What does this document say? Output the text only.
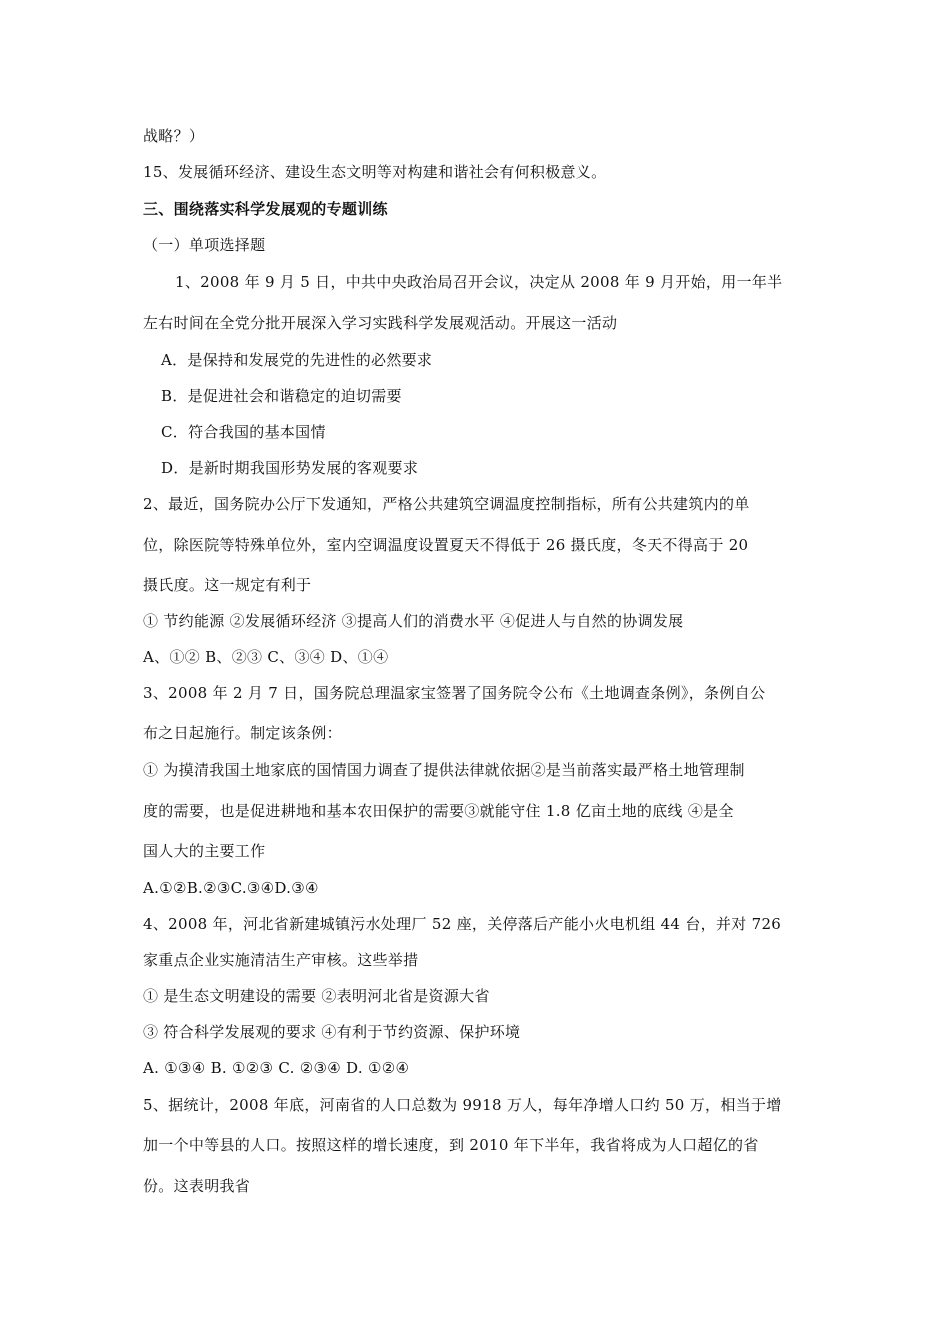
战略？）
15、发展循环经济、建设生态文明等对构建和谐社会有何积极意义。
三、围绕落实科学发展观的专题训练
（一）单项选择题
1、2008 年 9 月 5 日，中共中央政治局召开会议，决定从 2008 年 9 月开始，用一年半
左右时间在全党分批开展深入学习实践科学发展观活动。开展这一活动
A．是保持和发展党的先进性的必然要求
B．是促进社会和谐稳定的迫切需要
C．符合我国的基本国情
D．是新时期我国形势发展的客观要求
2、最近，国务院办公厅下发通知，严格公共建筑空调温度控制指标，所有公共建筑内的单
位，除医院等特殊单位外，室内空调温度设置夏天不得低于 26 摄氏度，冬天不得高于 20
摄氏度。这一规定有利于
① 节约能源 ②发展循环经济 ③提高人们的消费水平 ④促进人与自然的协调发展
A、①② B、②③ C、③④ D、①④
3、2008 年 2 月 7 日，国务院总理温家宝签署了国务院令公布《土地调查条例》，条例自公
布之日起施行。制定该条例：
① 为摸清我国土地家底的国情国力调查了提供法律就依据②是当前落实最严格土地管理制
度的需要，也是促进耕地和基本农田保护的需要③就能守住 1.8 亿亩土地的底线 ④是全
国人大的主要工作
A.①②B.②③C.③④D.③④
4、2008 年，河北省新建城镇污水处理厂 52 座，关停落后产能小火电机组 44 台，并对 726
家重点企业实施清洁生产审核。这些举措
① 是生态文明建设的需要 ②表明河北省是资源大省
③ 符合科学发展观的要求 ④有利于节约资源、保护环境
A. ①③④ B. ①②③ C. ②③④ D. ①②④
5、据统计，2008 年底，河南省的人口总数为 9918 万人，每年净增人口约 50 万，相当于增
加一个中等县的人口。按照这样的增长速度，到 2010 年下半年，我省将成为人口超亿的省
份。这表明我省
